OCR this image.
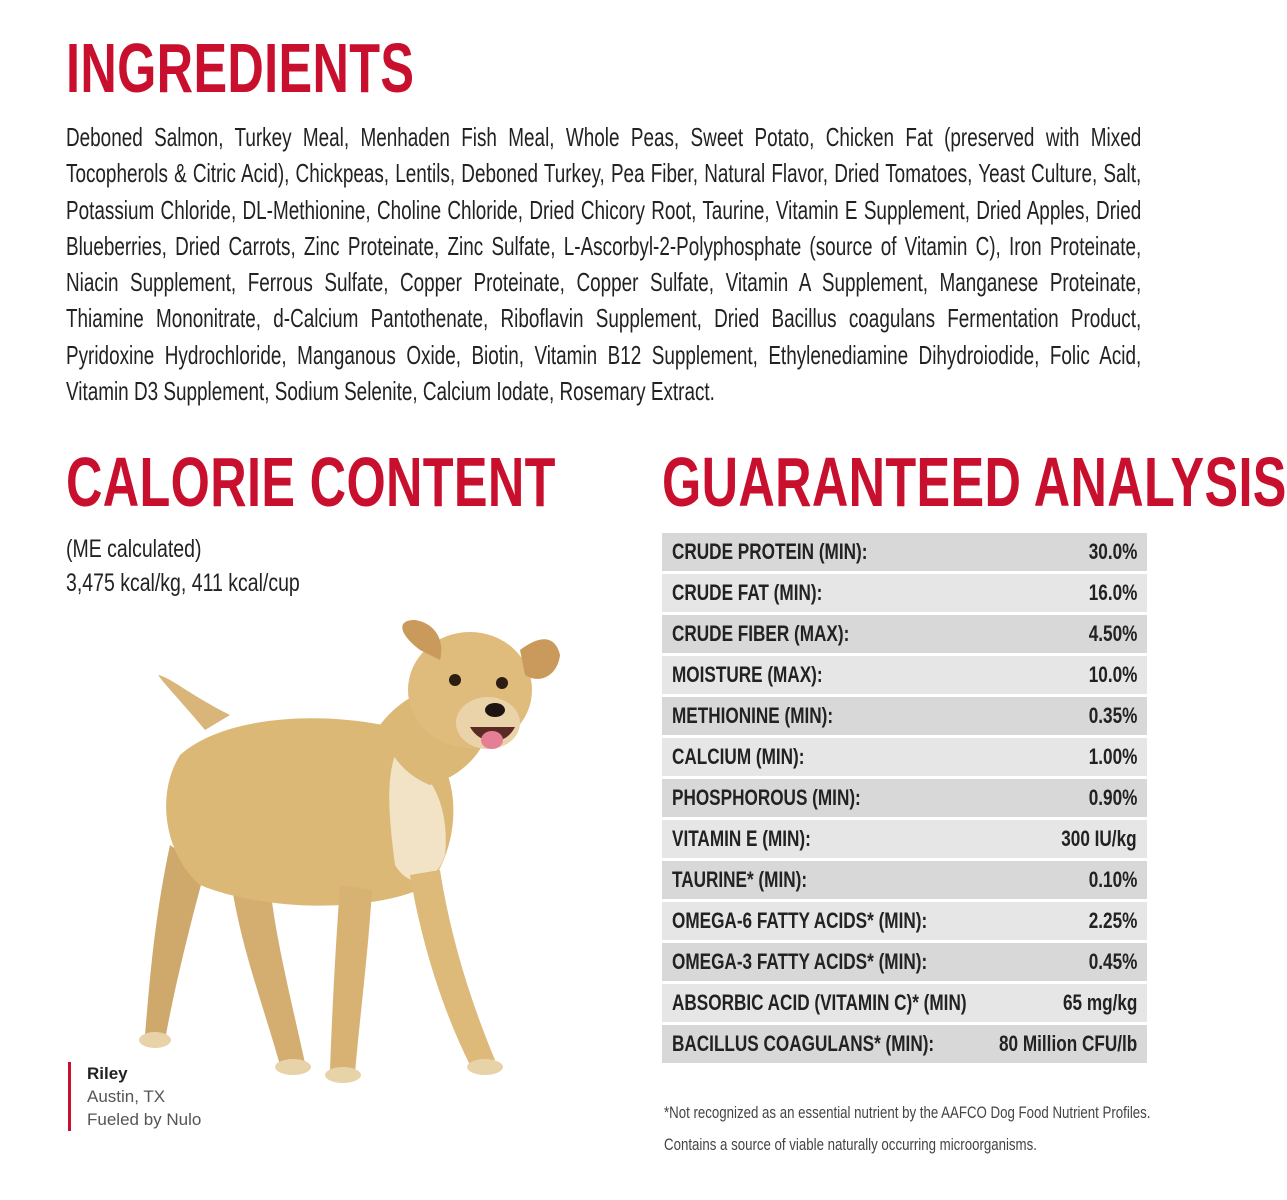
INGREDIENTS

Deboned Salmon, Turkey Meal, Menhaden Fish Meal, Whole Peas, Sweet Potato, Chicken Fat (preserved with Mixed Tocopherols & Citric Acid), Chickpeas, Lentils, Deboned Turkey, Pea Fiber, Natural Flavor, Dried Tomatoes, Yeast Culture, Salt, Potassium Chloride, DL-Methionine, Choline Chloride, Dried Chicory Root, Taurine, Vitamin E Supplement, Dried Apples, Dried Blueberries, Dried Carrots, Zinc Proteinate, Zinc Sulfate, L-Ascorbyl-2-Polyphosphate (source of Vitamin C), Iron Proteinate, Niacin Supplement, Ferrous Sulfate, Copper Proteinate, Copper Sulfate, Vitamin A Supplement, Manganese Proteinate, Thiamine Mononitrate, d-Calcium Pantothenate, Riboflavin Supplement, Dried Bacillus coagulans Fermentation Product, Pyridoxine Hydrochloride, Manganous Oxide, Biotin, Vitamin B12 Supplement, Ethylenediamine Dihydroiodide, Folic Acid, Vitamin D3 Supplement, Sodium Selenite, Calcium Iodate, Rosemary Extract.

CALORIE CONTENT
(ME calculated)
3,475 kcal/kg, 411 kcal/cup
Riley
Austin, TX
Fueled by Nulo
GUARANTEED ANALYSIS
CRUDE PROTEIN (MIN):	30.0%
CRUDE FAT (MIN):	16.0%
CRUDE FIBER (MAX):	4.50%
MOISTURE (MAX):	10.0%
METHIONINE (MIN):	0.35%
CALCIUM (MIN):	1.00%
PHOSPHOROUS (MIN):	0.90%
VITAMIN E (MIN):	300 IU/kg
TAURINE* (MIN):	0.10%
OMEGA-6 FATTY ACIDS* (MIN):	2.25%
OMEGA-3 FATTY ACIDS* (MIN):	0.45%
ABSORBIC ACID (VITAMIN C)* (MIN)	65 mg/kg
BACILLUS COAGULANS* (MIN):	80 Million CFU/lb
*Not recognized as an essential nutrient by the AAFCO Dog Food Nutrient Profiles.
Contains a source of viable naturally occurring microorganisms.
